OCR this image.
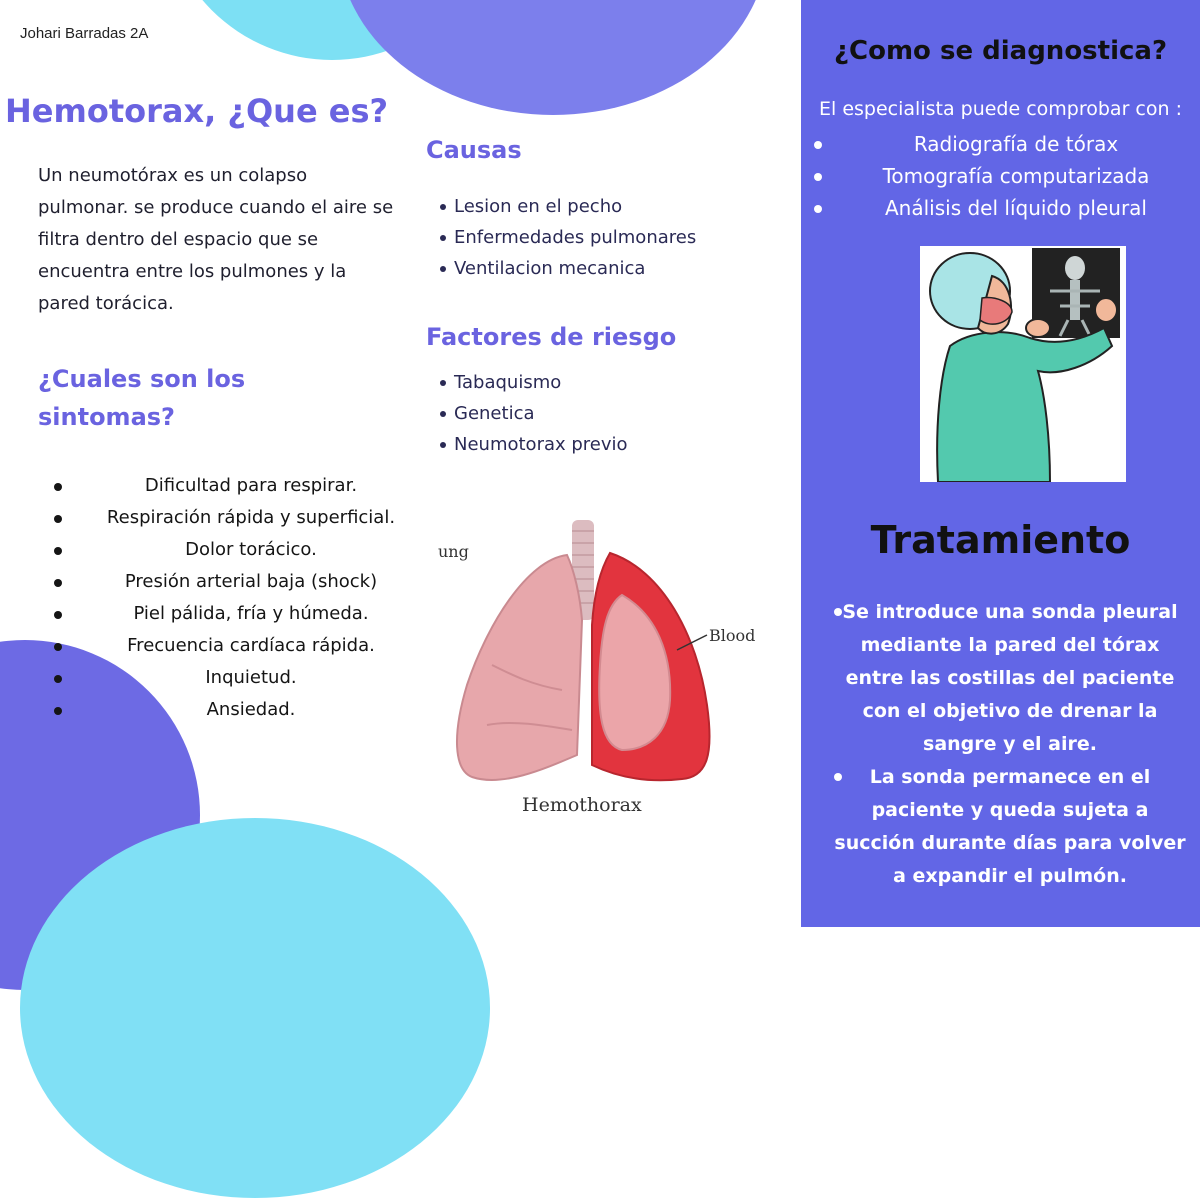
Johari Barradas 2A
Hemotorax, ¿Que es?
Un neumotórax es un colapso pulmonar. se produce cuando el aire se filtra dentro del espacio que se encuentra entre los pulmones y la pared torácica.
¿Cuales son los sintomas?
Dificultad para respirar.
Respiración rápida y superficial.
Dolor torácico.
Presión arterial baja (shock)
Piel pálida, fría y húmeda.
Frecuencia cardíaca rápida.
Inquietud.
Ansiedad.
Causas
Lesion en el pecho
Enfermedades pulmonares
Ventilacion mecanica
Factores de riesgo
Tabaquismo
Genetica
Neumotorax previo
Blood
ung
Hemothorax
¿Como se diagnostica?
El especialista puede comprobar con :
Radiografía de tórax
Tomografía computarizada
Análisis del líquido pleural
Tratamiento
Se introduce una sonda pleural mediante la pared del tórax entre las costillas del paciente con el objetivo de drenar la sangre y el aire.
La sonda permanece en el paciente y queda sujeta a succión durante días para volver a expandir el pulmón.
